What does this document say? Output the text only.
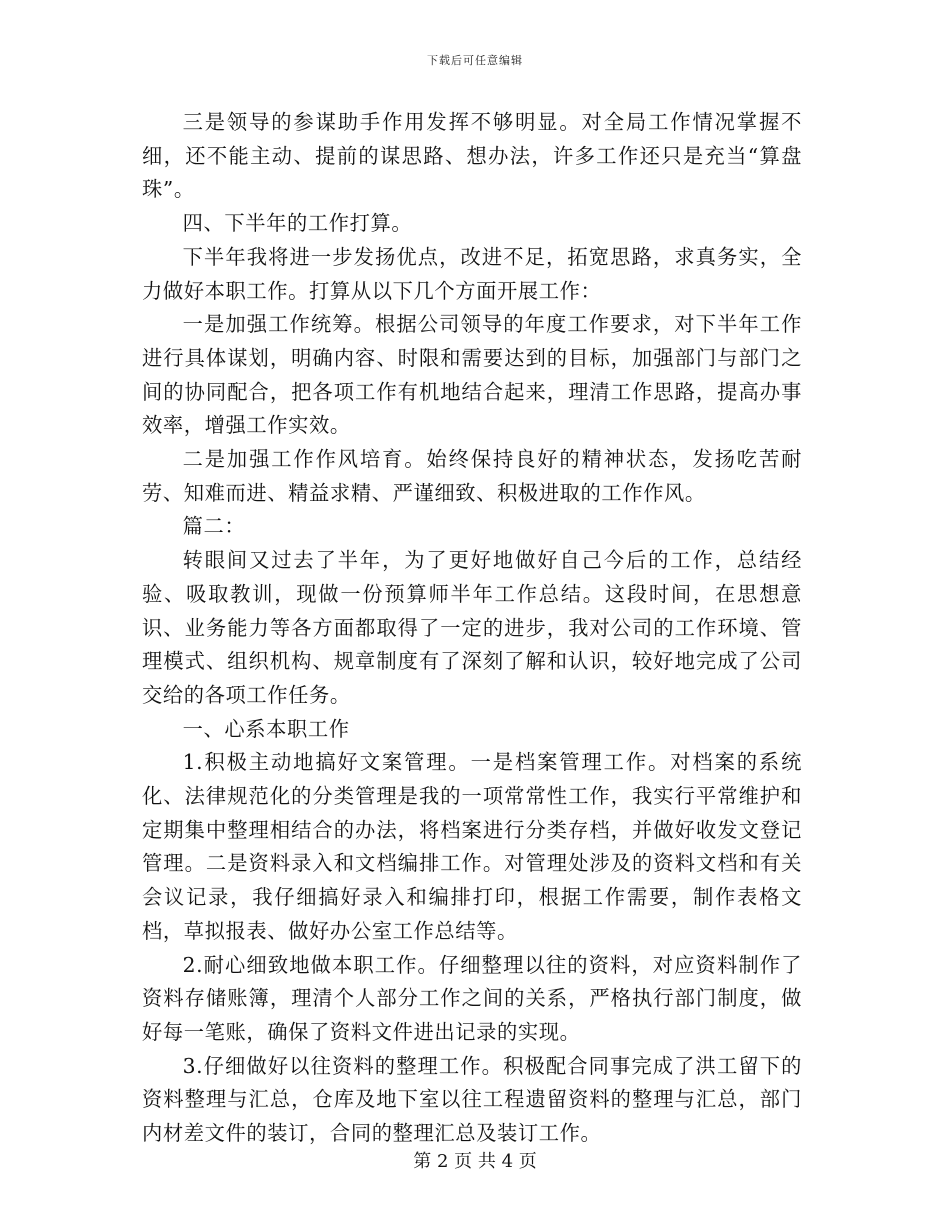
下载后可任意编辑

三是领导的参谋助手作用发挥不够明显。对全局工作情况掌握不细，还不能主动、提前的谋思路、想办法，许多工作还只是充当“算盘珠”。

四、下半年的工作打算。

下半年我将进一步发扬优点，改进不足，拓宽思路，求真务实，全力做好本职工作。打算从以下几个方面开展工作：

一是加强工作统筹。根据公司领导的年度工作要求，对下半年工作进行具体谋划，明确内容、时限和需要达到的目标，加强部门与部门之间的协同配合，把各项工作有机地结合起来，理清工作思路，提高办事效率，增强工作实效。

二是加强工作作风培育。始终保持良好的精神状态，发扬吃苦耐劳、知难而进、精益求精、严谨细致、积极进取的工作作风。

篇二：

转眼间又过去了半年，为了更好地做好自己今后的工作，总结经验、吸取教训，现做一份预算师半年工作总结。这段时间，在思想意识、业务能力等各方面都取得了一定的进步，我对公司的工作环境、管理模式、组织机构、规章制度有了深刻了解和认识，较好地完成了公司交给的各项工作任务。

一、心系本职工作

1.积极主动地搞好文案管理。一是档案管理工作。对档案的系统化、法律规范化的分类管理是我的一项常常性工作，我实行平常维护和定期集中整理相结合的办法，将档案进行分类存档，并做好收发文登记管理。二是资料录入和文档编排工作。对管理处涉及的资料文档和有关会议记录，我仔细搞好录入和编排打印，根据工作需要，制作表格文档，草拟报表、做好办公室工作总结等。

2.耐心细致地做本职工作。仔细整理以往的资料，对应资料制作了资料存储账簿，理清个人部分工作之间的关系，严格执行部门制度，做好每一笔账，确保了资料文件进出记录的实现。

3.仔细做好以往资料的整理工作。积极配合同事完成了洪工留下的资料整理与汇总，仓库及地下室以往工程遗留资料的整理与汇总，部门内材差文件的装订，合同的整理汇总及装订工作。

第 2 页 共 4 页
